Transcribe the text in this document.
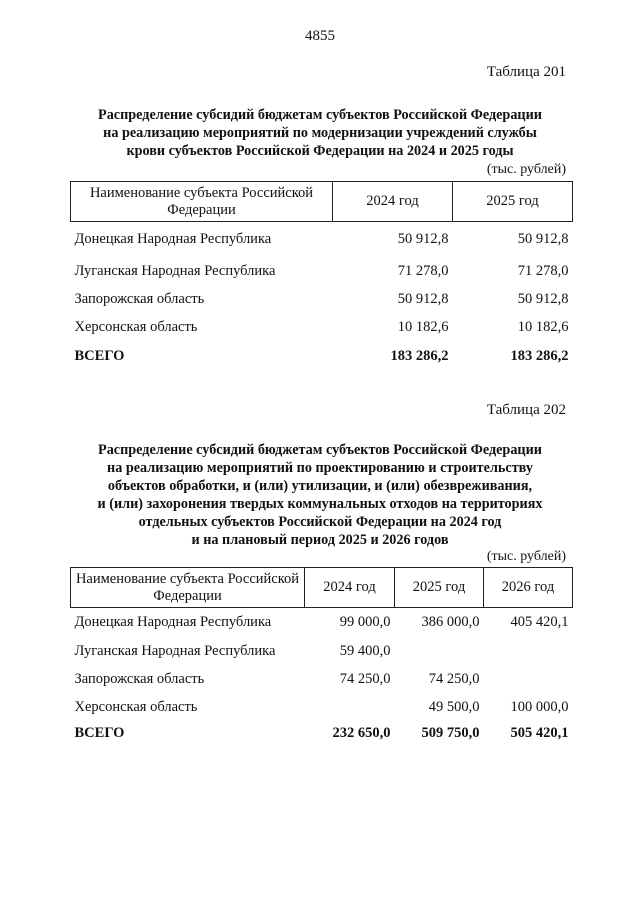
4855
Таблица 201
Распределение субсидий бюджетам субъектов Российской Федерации
на реализацию мероприятий по модернизации учреждений службы
крови субъектов Российской Федерации на 2024 и 2025 годы
(тыс. рублей)
Наименование субъекта Российской Федерации	2024 год	2025 год
Донецкая Народная Республика	50 912,8	50 912,8
Луганская Народная Республика	71 278,0	71 278,0
Запорожская область	50 912,8	50 912,8
Херсонская область	10 182,6	10 182,6
ВСЕГО	183 286,2	183 286,2
Таблица 202
Распределение субсидий бюджетам субъектов Российской Федерации
на реализацию мероприятий по проектированию и строительству
объектов обработки, и (или) утилизации, и (или) обезвреживания,
и (или) захоронения твердых коммунальных отходов на территориях
отдельных субъектов Российской Федерации на 2024 год
и на плановый период 2025 и 2026 годов
(тыс. рублей)
Наименование субъекта Российской Федерации	2024 год	2025 год	2026 год
Донецкая Народная Республика	99 000,0	386 000,0	405 420,1
Луганская Народная Республика	59 400,0		
Запорожская область	74 250,0	74 250,0	
Херсонская область		49 500,0	100 000,0
ВСЕГО	232 650,0	509 750,0	505 420,1
